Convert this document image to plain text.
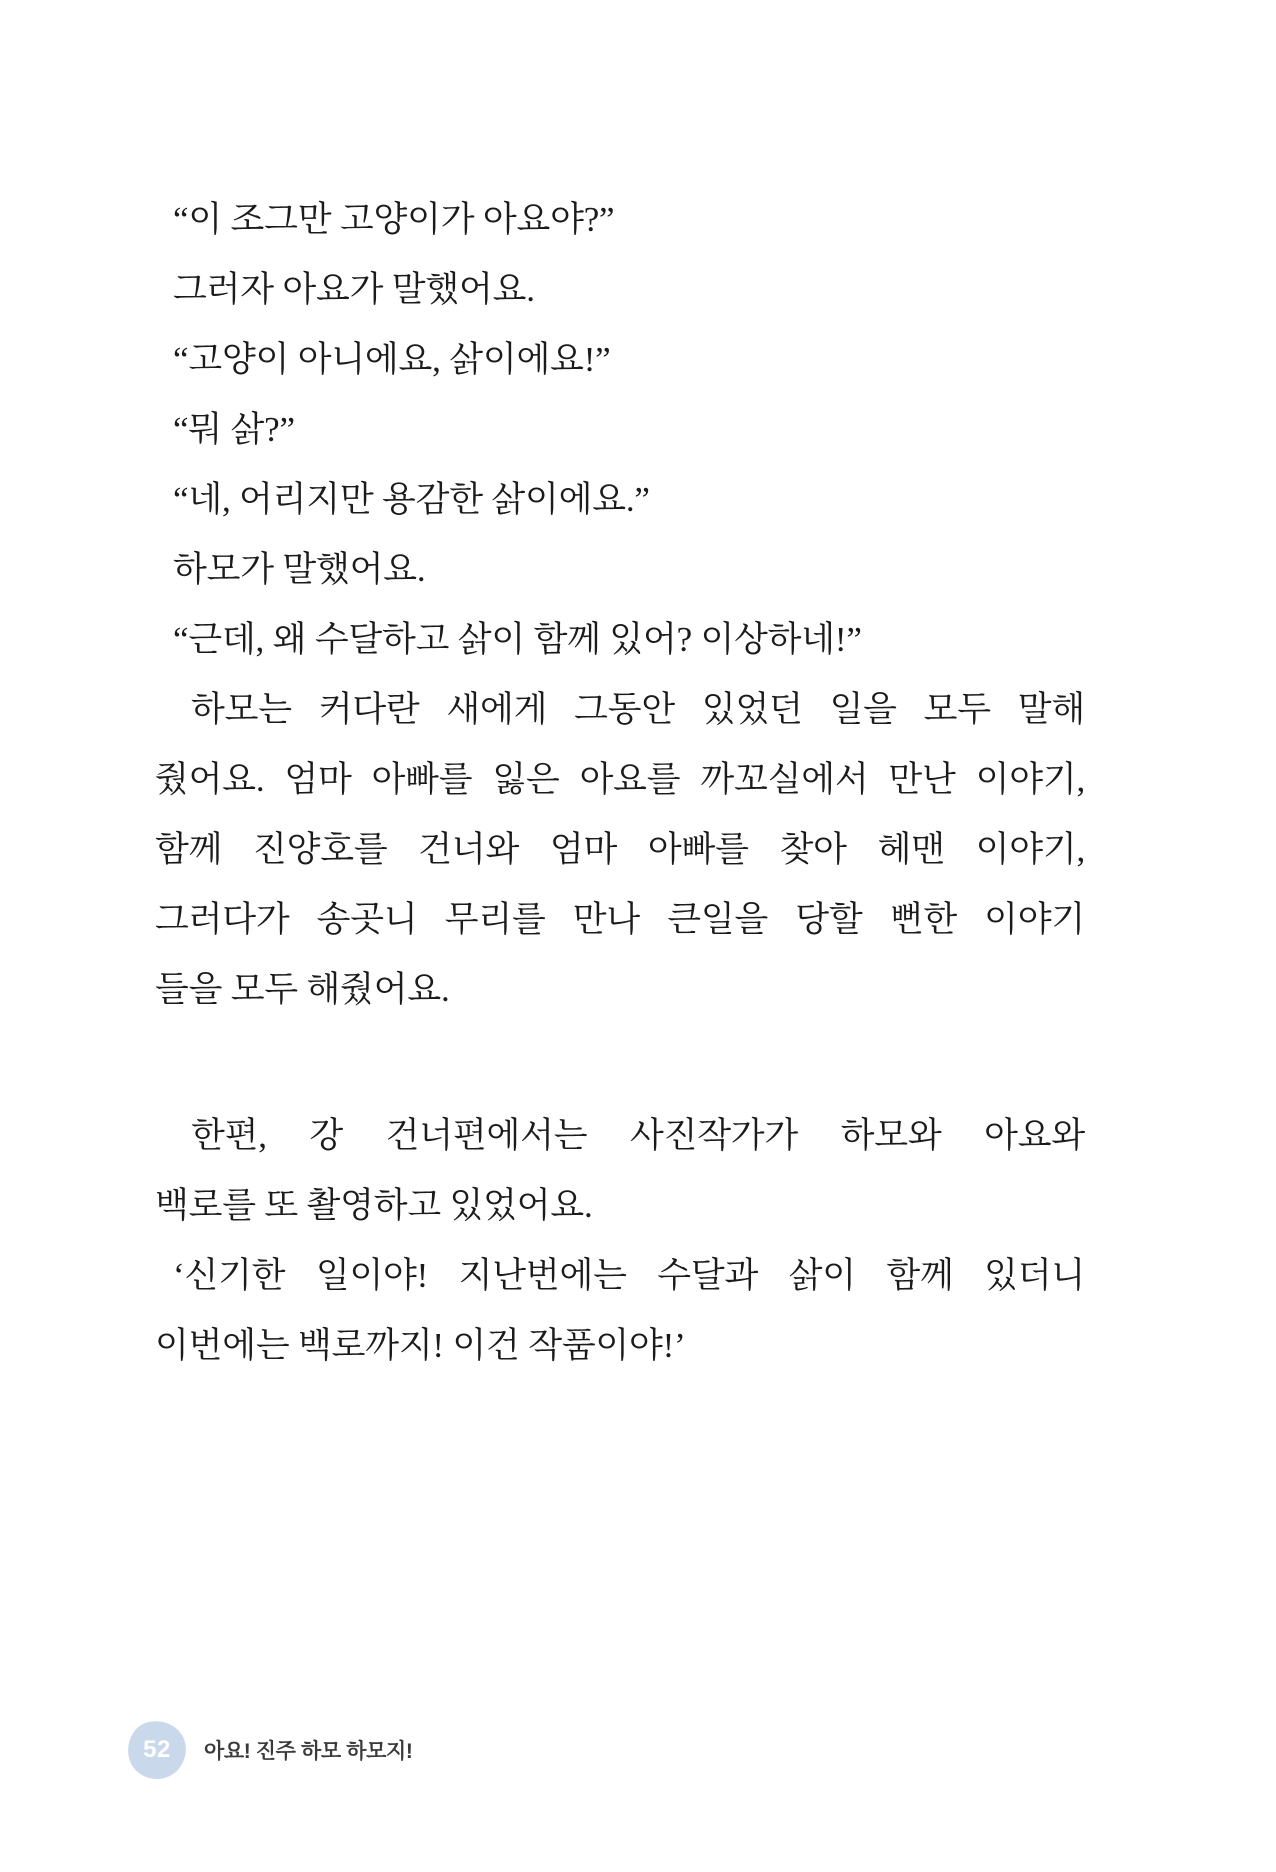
“이 조그만 고양이가 아요야?”
그러자 아요가 말했어요.
“고양이 아니에요, 삵이에요!”
“뭐 삵?”
“네, 어리지만 용감한 삵이에요.”
하모가 말했어요.
“근데, 왜 수달하고 삵이 함께 있어? 이상하네!”
하모는 커다란 새에게 그동안 있었던 일을 모두 말해
줬어요. 엄마 아빠를 잃은 아요를 까꼬실에서 만난 이야기,
함께 진양호를 건너와 엄마 아빠를 찾아 헤맨 이야기,
그러다가 송곳니 무리를 만나 큰일을 당할 뻔한 이야기
들을 모두 해줬어요.
한편, 강 건너편에서는 사진작가가 하모와 아요와
백로를 또 촬영하고 있었어요.
‘신기한 일이야! 지난번에는 수달과 삵이 함께 있더니
이번에는 백로까지! 이건 작품이야!’
52 아요! 진주 하모 하모지!
